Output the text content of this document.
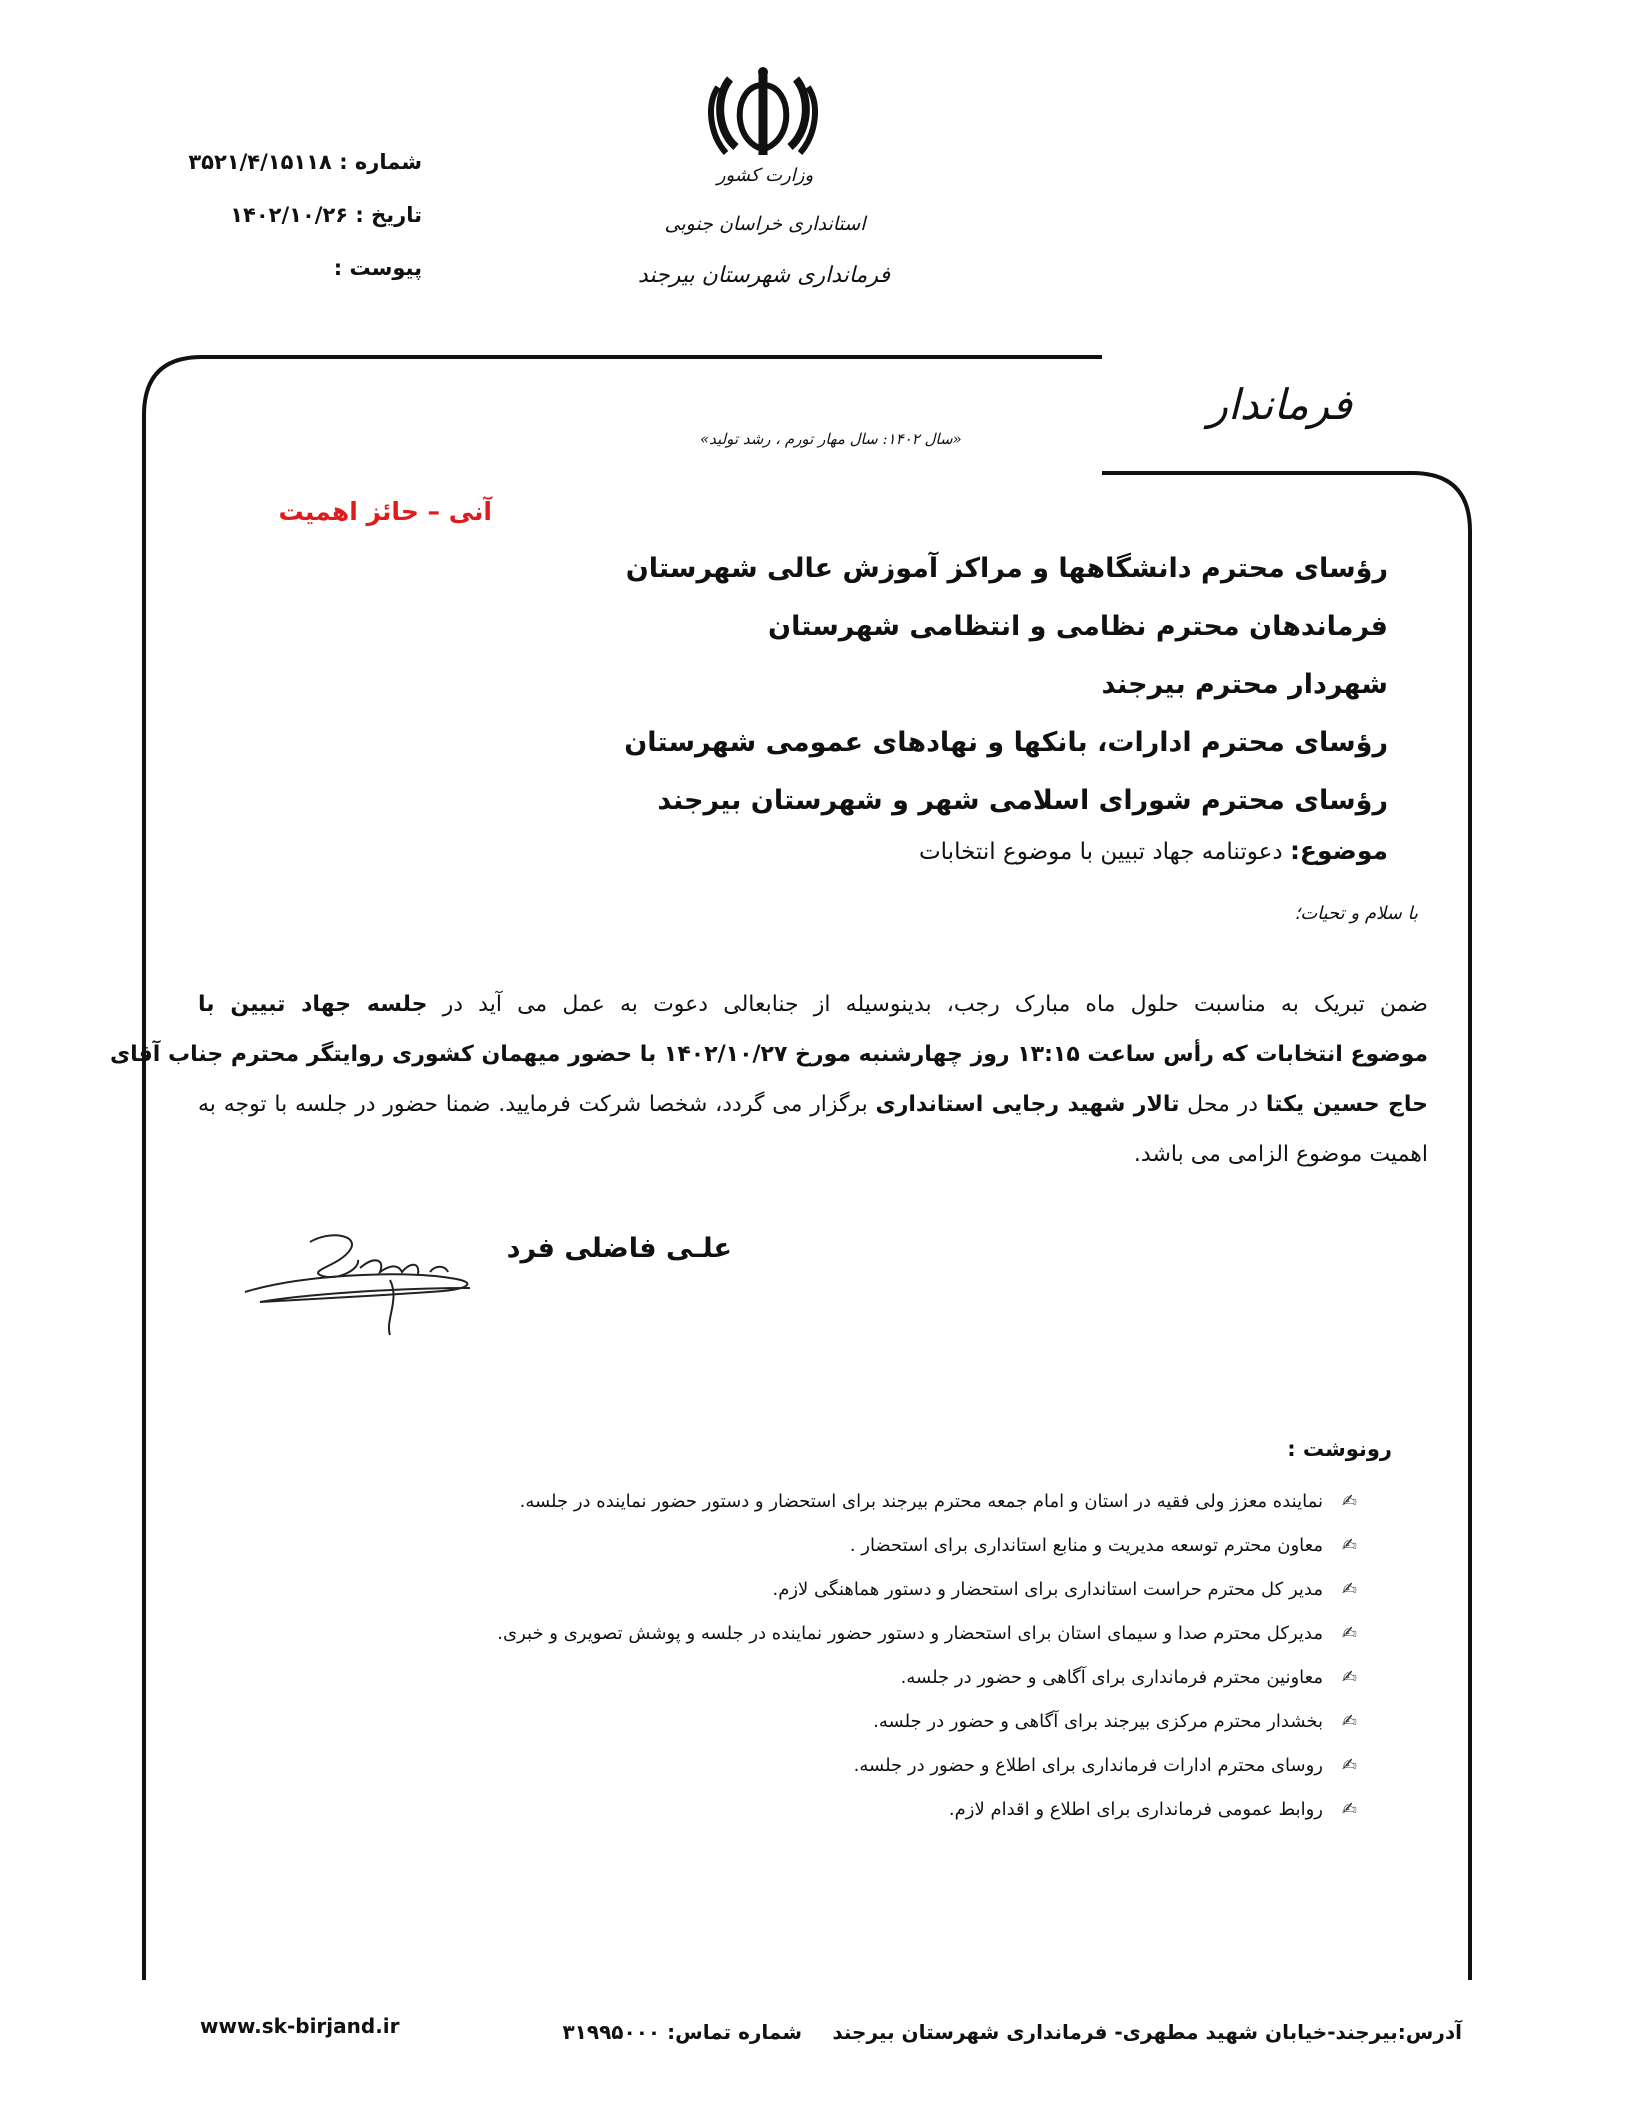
شماره : ۳۵۲۱/۴/۱۵۱۱۸
تاریخ : ۱۴۰۲/۱۰/۲۶
پیوست :
وزارت کشور
استانداری خراسان جنوبی
فرمانداری شهرستان بیرجند
فرماندار
«سال ۱۴۰۲: سال مهار تورم ، رشد تولید»
آنی – حائز اهمیت
رؤسای محترم دانشگاهها و مراکز آموزش عالی شهرستان
فرماندهان محترم نظامی و انتظامی شهرستان
شهردار محترم بیرجند
رؤسای محترم ادارات، بانکها و نهادهای عمومی شهرستان
رؤسای محترم شورای اسلامی شهر و شهرستان بیرجند
موضوع: دعوتنامه جهاد تبیین با موضوع انتخابات
با سلام و تحیات؛
ضمن تبریک به مناسبت حلول ماه مبارک رجب، بدینوسیله از جنابعالی دعوت به عمل می آید در جلسه جهاد تبیین با
موضوع انتخابات که رأس ساعت ۱۳:۱۵ روز چهارشنبه مورخ ۱۴۰۲/۱۰/۲۷ با حضور میهمان کشوری روایتگر محترم جناب آقای
حاج حسین یکتا در محل تالار شهید رجایی استانداری برگزار می گردد، شخصا شرکت فرمایید. ضمنا حضور در جلسه با توجه به
اهمیت موضوع الزامی می باشد.
علـی فاضلی فرد
رونوشت :
✍
نماینده معزز ولی فقیه در استان و امام جمعه محترم بیرجند برای استحضار و دستور حضور نماینده در جلسه.
✍
معاون محترم توسعه مدیریت و منابع استانداری برای استحضار .
✍
مدیر کل محترم حراست استانداری برای استحضار و دستور هماهنگی لازم.
✍
مدیرکل محترم صدا و سیمای استان برای استحضار و دستور حضور نماینده در جلسه و پوشش تصویری و خبری.
✍
معاونین محترم فرمانداری برای آگاهی و حضور در جلسه.
✍
بخشدار محترم مرکزی بیرجند برای آگاهی و حضور در جلسه.
✍
روسای محترم ادارات فرمانداری برای اطلاع و حضور در جلسه.
✍
روابط عمومی فرمانداری برای اطلاع و اقدام لازم.
آدرس:بیرجند-خیابان شهید مطهری- فرمانداری شهرستان بیرجند
شماره تماس: ۳۱۹۹۵۰۰۰
www.sk-birjand.ir
